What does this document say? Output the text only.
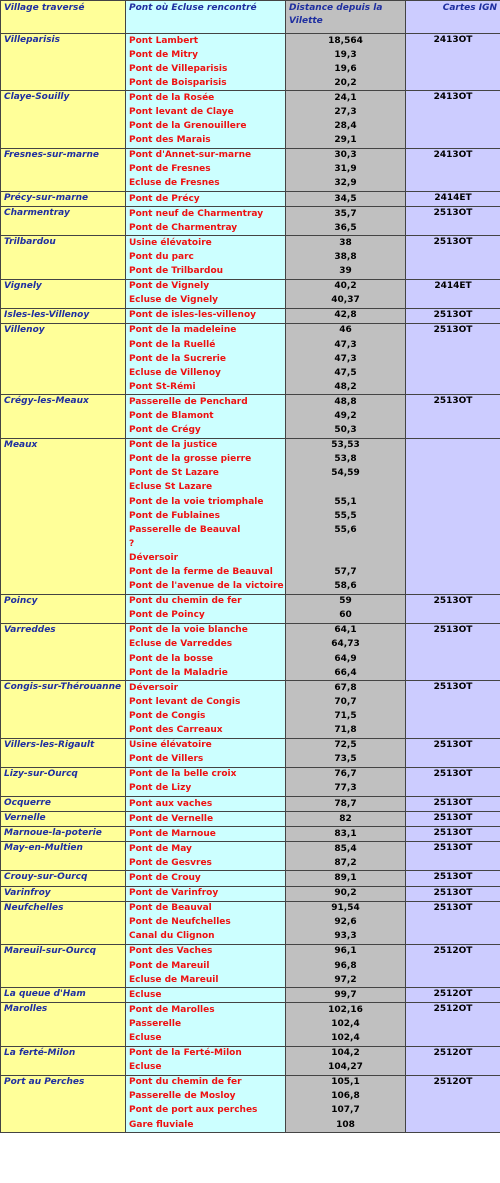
Village traversé	Pont où Ecluse rencontré	Distance depuis la Vilette	Cartes IGN
Villeparisis	Pont Lambert	18,564	2413OT
	Pont de Mitry	19,3	
	Pont de Villeparisis	19,6	
	Pont de Boisparisis	20,2	
Claye-Souilly	Pont de la Rosée	24,1	2413OT
	Pont levant de Claye	27,3	
	Pont de la Grenouillere	28,4	
	Pont des Marais	29,1	
Fresnes-sur-marne	Pont d'Annet-sur-marne	30,3	2413OT
	Pont de Fresnes	31,9	
	Ecluse de Fresnes	32,9	
Précy-sur-marne	Pont de Précy	34,5	2414ET
Charmentray	Pont neuf de Charmentray	35,7	2513OT
	Pont de Charmentray	36,5	
Trilbardou	Usine élévatoire	38	2513OT
	Pont du parc	38,8	
	Pont de Trilbardou	39	
Vignely	Pont de Vignely	40,2	2414ET
	Ecluse de Vignely	40,37	
Isles-les-Villenoy	Pont de isles-les-villenoy	42,8	2513OT
Villenoy	Pont de la madeleine	46	2513OT
	Pont de la Ruellé	47,3	
	Pont de la Sucrerie	47,3	
	Ecluse de Villenoy	47,5	
	Pont St-Rémi	48,2	
Crégy-les-Meaux	Passerelle de Penchard	48,8	2513OT
	Pont de Blamont	49,2	
	Pont de Crégy	50,3	
Meaux	Pont de la justice	53,53	
	Pont de la grosse pierre	53,8	
	Pont de St Lazare	54,59	
	Ecluse St Lazare		
	Pont de la voie triomphale	55,1	
	Pont de Fublaines	55,5	
	Passerelle de Beauval	55,6	
	?		
	Déversoir		
	Pont de la ferme de Beauval	57,7	
	Pont de l'avenue de la victoire	58,6	
Poincy	Pont du chemin de fer	59	2513OT
	Pont de Poincy	60	
Varreddes	Pont de la voie blanche	64,1	2513OT
	Ecluse de Varreddes	64,73	
	Pont de la bosse	64,9	
	Pont de la Maladrie	66,4	
Congis-sur-Thérouanne	Déversoir	67,8	2513OT
	Pont levant de Congis	70,7	
	Pont de Congis	71,5	
	Pont des Carreaux	71,8	
Villers-les-Rigault	Usine élévatoire	72,5	2513OT
	Pont de Villers	73,5	
Lizy-sur-Ourcq	Pont de la belle croix	76,7	2513OT
	Pont de Lizy	77,3	
Ocquerre	Pont aux vaches	78,7	2513OT
Vernelle	Pont de Vernelle	82	2513OT
Marnoue-la-poterie	Pont de Marnoue	83,1	2513OT
May-en-Multien	Pont de May	85,4	2513OT
	Pont de Gesvres	87,2	
Crouy-sur-Ourcq	Pont de Crouy	89,1	2513OT
Varinfroy	Pont de Varinfroy	90,2	2513OT
Neufchelles	Pont de Beauval	91,54	2513OT
	Pont de Neufchelles	92,6	
	Canal du Clignon	93,3	
Mareuil-sur-Ourcq	Pont des Vaches	96,1	2512OT
	Pont de Mareuil	96,8	
	Ecluse de Mareuil	97,2	
La queue d'Ham	Ecluse	99,7	2512OT
Marolles	Pont de Marolles	102,16	2512OT
	Passerelle	102,4	
	Ecluse	102,4	
La ferté-Milon	Pont de la Ferté-Milon	104,2	2512OT
	Ecluse	104,27	
Port au Perches	Pont du chemin de fer	105,1	2512OT
	Passerelle de Mosloy	106,8	
	Pont de port aux perches	107,7	
	Gare fluviale	108	
